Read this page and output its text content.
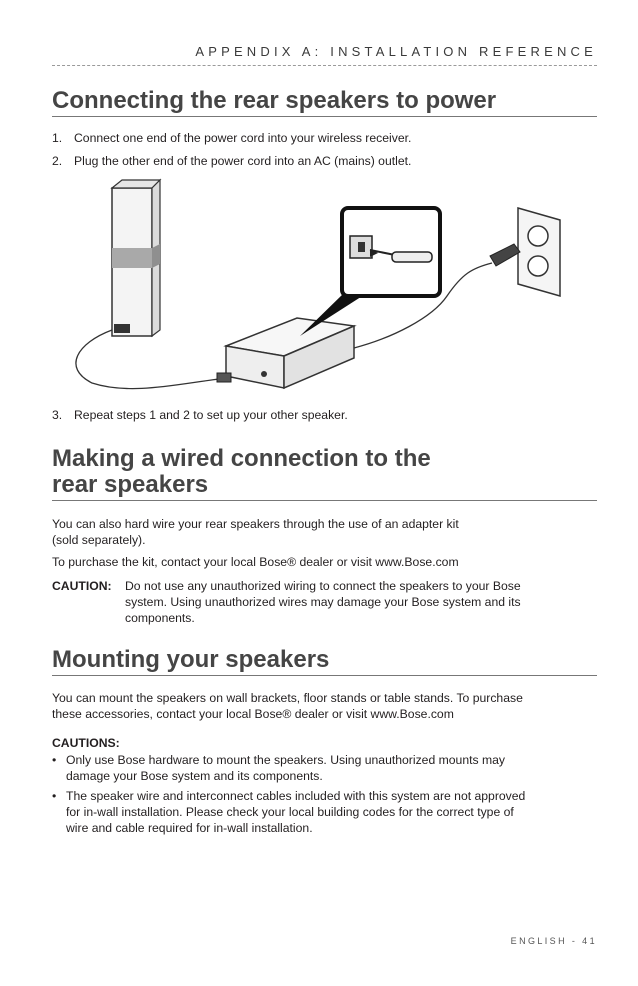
APPENDIX A: INSTALLATION REFERENCE
Connecting the rear speakers to power
1. Connect one end of the power cord into your wireless receiver.
2. Plug the other end of the power cord into an AC (mains) outlet.
3. Repeat steps 1 and 2 to set up your other speaker.
Making a wired connection to the
rear speakers
You can also hard wire your rear speakers through the use of an adapter kit
(sold separately).
To purchase the kit, contact your local Bose® dealer or visit www.Bose.com
CAUTION: Do not use any unauthorized wiring to connect the speakers to your Bose
system. Using unauthorized wires may damage your Bose system and its
components.
Mounting your speakers
You can mount the speakers on wall brackets, floor stands or table stands. To purchase
these accessories, contact your local Bose® dealer or visit www.Bose.com
CAUTIONS:
• Only use Bose hardware to mount the speakers. Using unauthorized mounts may
damage your Bose system and its components.
• The speaker wire and interconnect cables included with this system are not approved
for in-wall installation. Please check your local building codes for the correct type of
wire and cable required for in-wall installation.
ENGLISH - 41
